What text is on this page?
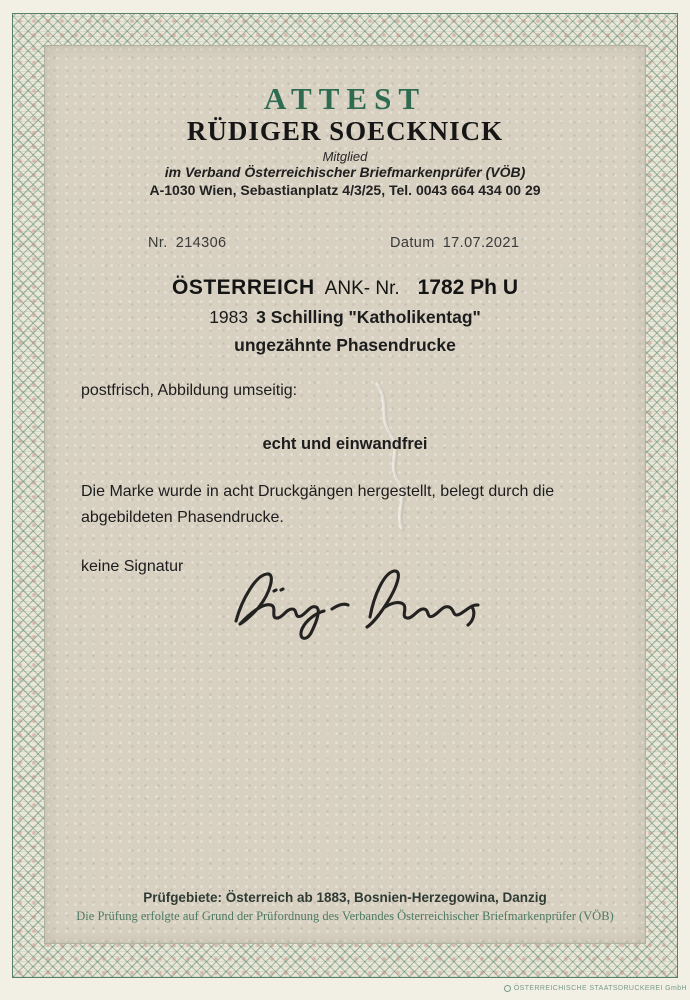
ATTEST
RÜDIGER SOECKNICK
Mitglied
im Verband Österreichischer Briefmarkenprüfer (VÖB)
A-1030 Wien, Sebastianplatz 4/3/25, Tel. 0043 664 434 00 29
Nr. 214306	Datum 17.07.2021
ÖSTERREICH ANK- Nr. 1782 Ph U
1983 3 Schilling "Katholikentag"
ungezähnte Phasendrucke
postfrisch, Abbildung umseitig:
echt und einwandfrei
Die Marke wurde in acht Druckgängen hergestellt, belegt durch die abgebildeten Phasendrucke.
keine Signatur
Prüfgebiete: Österreich ab 1883, Bosnien-Herzegowina, Danzig
Die Prüfung erfolgte auf Grund der Prüfordnung des Verbandes Österreichischer Briefmarkenprüfer (VÖB)
ÖSTERREICHISCHE STAATSDRUCKEREI GmbH
